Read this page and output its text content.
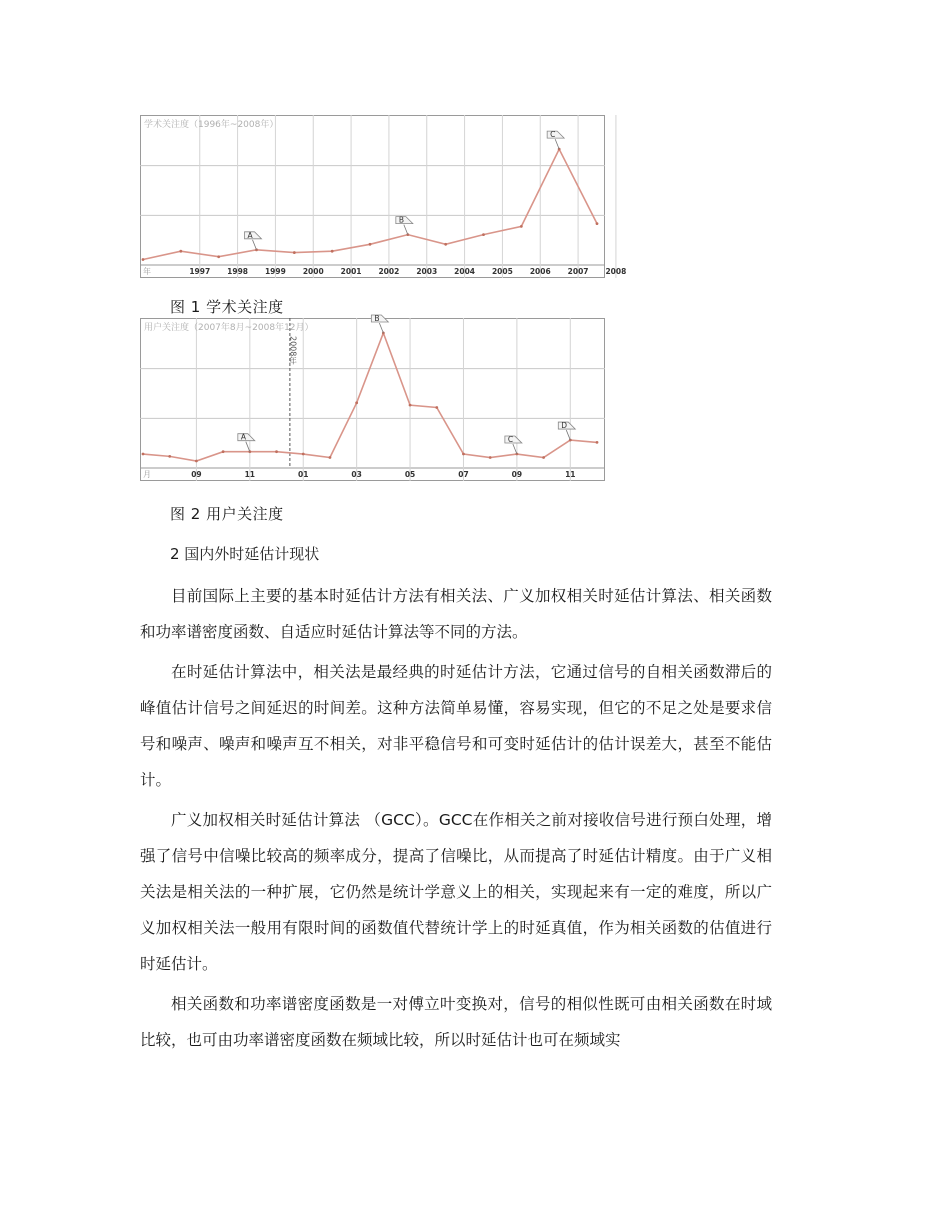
学术关注度（1996年~2008年）
A
B
C
年	1997 1998 1999 2000 2001 2002 2003 2004 2005 2006 2007 2008
图 1 学术关注度
用户关注度（2007年8月~2008年12月）
2008年
A
B
C
D
月	09	11	01	03	05	07	09	11
图 2 用户关注度
2 国内外时延估计现状

目前国际上主要的基本时延估计方法有相关法、广义加权相关时延估计算法、相关函数和功率谱密度函数、自适应时延估计算法等不同的方法。

在时延估计算法中，相关法是最经典的时延估计方法，它通过信号的自相关函数滞后的峰值估计信号之间延迟的时间差。这种方法简单易懂，容易实现，但它的不足之处是要求信号和噪声、噪声和噪声互不相关，对非平稳信号和可变时延估计的估计误差大，甚至不能估计。

广义加权相关时延估计算法 （GCC）。GCC在作相关之前对接收信号进行预白处理，增强了信号中信噪比较高的频率成分，提高了信噪比，从而提高了时延估计精度。由于广义相关法是相关法的一种扩展，它仍然是统计学意义上的相关，实现起来有一定的难度，所以广义加权相关法一般用有限时间的函数值代替统计学上的时延真值，作为相关函数的估值进行时延估计。

相关函数和功率谱密度函数是一对傅立叶变换对，信号的相似性既可由相关函数在时域比较，也可由功率谱密度函数在频域比较，所以时延估计也可在频域实
